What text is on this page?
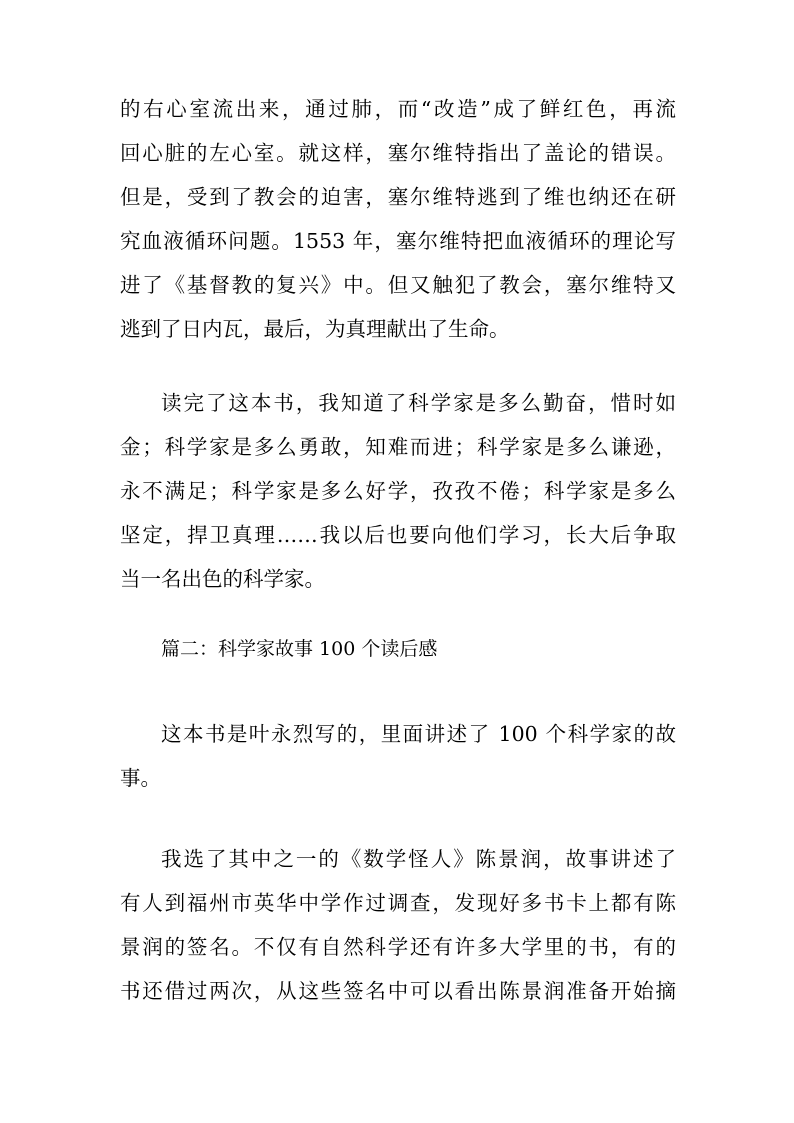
的右心室流出来，通过肺，而“改造”成了鲜红色，再流
回心脏的左心室。就这样，塞尔维特指出了盖论的错误。
但是，受到了教会的迫害，塞尔维特逃到了维也纳还在研
究血液循环问题。1553 年，塞尔维特把血液循环的理论写
进了《基督教的复兴》中。但又触犯了教会，塞尔维特又
逃到了日内瓦，最后，为真理献出了生命。
读完了这本书，我知道了科学家是多么勤奋，惜时如
金；科学家是多么勇敢，知难而进；科学家是多么谦逊，
永不满足；科学家是多么好学，孜孜不倦；科学家是多么
坚定，捍卫真理……我以后也要向他们学习，长大后争取
当一名出色的科学家。
篇二：科学家故事 100 个读后感
这本书是叶永烈写的，里面讲述了 100 个科学家的故
事。
我选了其中之一的《数学怪人》陈景润，故事讲述了
有人到福州市英华中学作过调查，发现好多书卡上都有陈
景润的签名。不仅有自然科学还有许多大学里的书，有的
书还借过两次，从这些签名中可以看出陈景润准备开始摘
